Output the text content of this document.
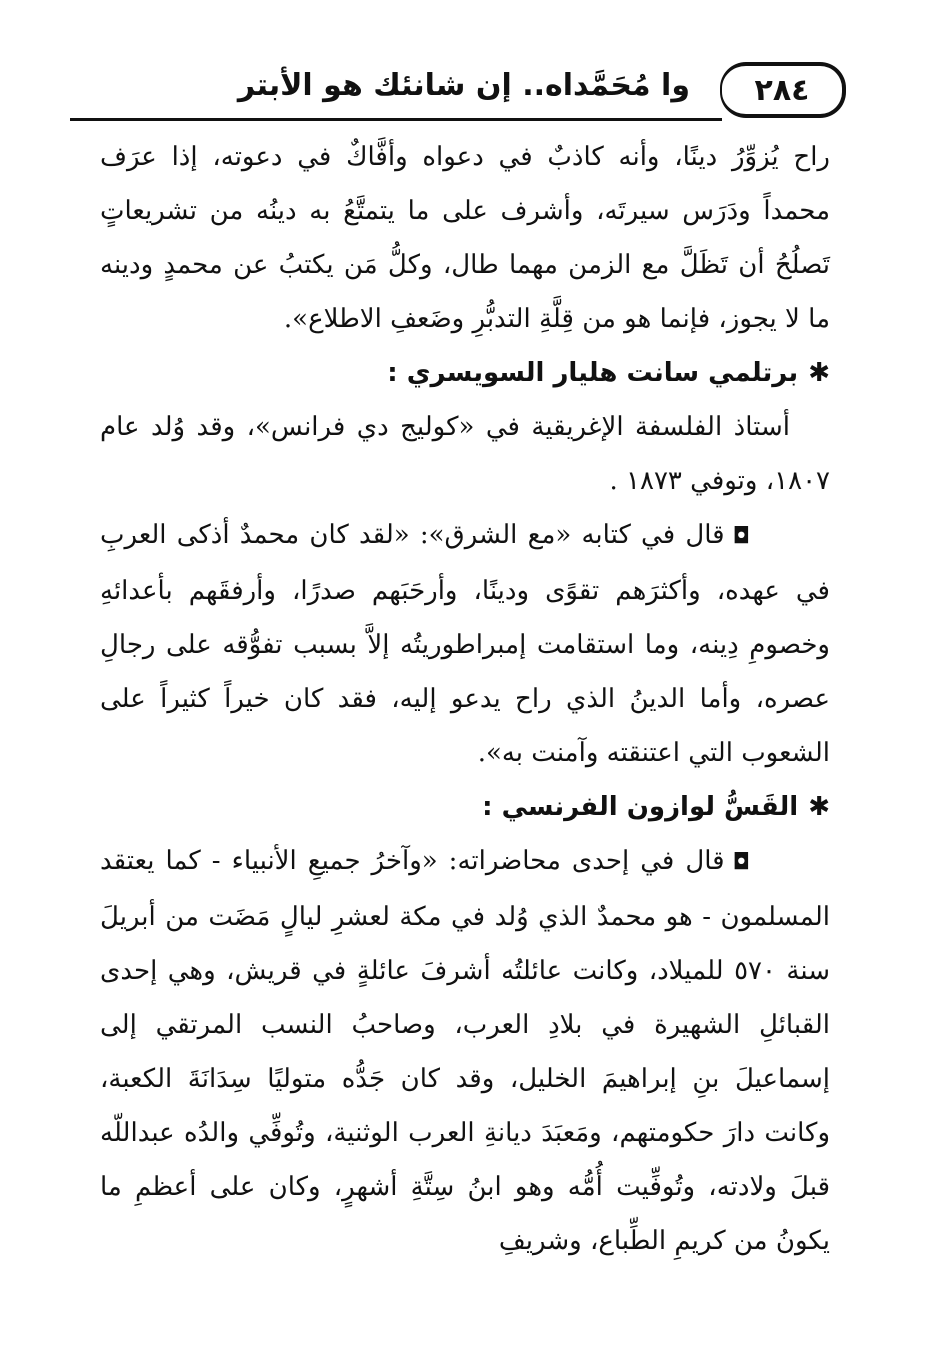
وا مُحَمَّداه.. إن شانئك هو الأبتر	٢٨٤

راح يُزوِّرُ دينًا، وأنه كاذبٌ في دعواه وأفَّاكٌ في دعوته، إذا عرَف محمداً ودَرَس سيرتَه، وأشرف على ما يتمتَّعُ به دينُه من تشريعاتٍ تَصلُحُ أن تَظَلَّ مع الزمن مهما طال، وكلُّ مَن يكتبُ عن محمدٍ ودينه ما لا يجوز، فإنما هو من قِلَّةِ التدبُّرِ وضَعفِ الاطلاع».

✱برتلمي سانت هليار السويسري :

أستاذ الفلسفة الإغريقية في «كوليج دي فرانس»، وقد وُلد عام ١٨٠٧، وتوفي ١٨٧٣ .

◘قال في كتابه «مع الشرق»: «لقد كان محمدٌ أذكى العربِ في عهده، وأكثرَهم تقوًى ودينًا، وأرحَبَهم صدرًا، وأرفقَهم بأعدائهِ وخصومِ دِينه، وما استقامت إمبراطوريتُه إلاَّ بسبب تفوُّقه على رجالِ عصره، وأما الدينُ الذي راح يدعو إليه، فقد كان خيراً كثيراً على الشعوب التي اعتنقته وآمنت به».

✱القَسُّ لوازون الفرنسي :

◘قال في إحدى محاضراته: «وآخرُ جميعِ الأنبياء - كما يعتقد المسلمون - هو محمدٌ الذي وُلد في مكة لعشرِ ليالٍ مَضَت من أبريلَ سنة ٥٧٠ للميلاد، وكانت عائلتُه أشرفَ عائلةٍ في قريش، وهي إحدى القبائلِ الشهيرة في بلادِ العرب، وصاحبُ النسب المرتقي إلى إسماعيلَ بنِ إبراهيمَ الخليل، وقد كان جَدُّه متوليًا سِدَانَةَ الكعبة، وكانت دارَ حكومتهم، ومَعبَدَ ديانةِ العرب الوثنية، وتُوفِّي والدُه عبداللّه قبلَ ولادته، وتُوفِّيت أُمُّه وهو ابنُ سِتَّةِ أشهرٍ، وكان على أعظمِ ما يكونُ من كريمِ الطِّباع، وشريفِ
